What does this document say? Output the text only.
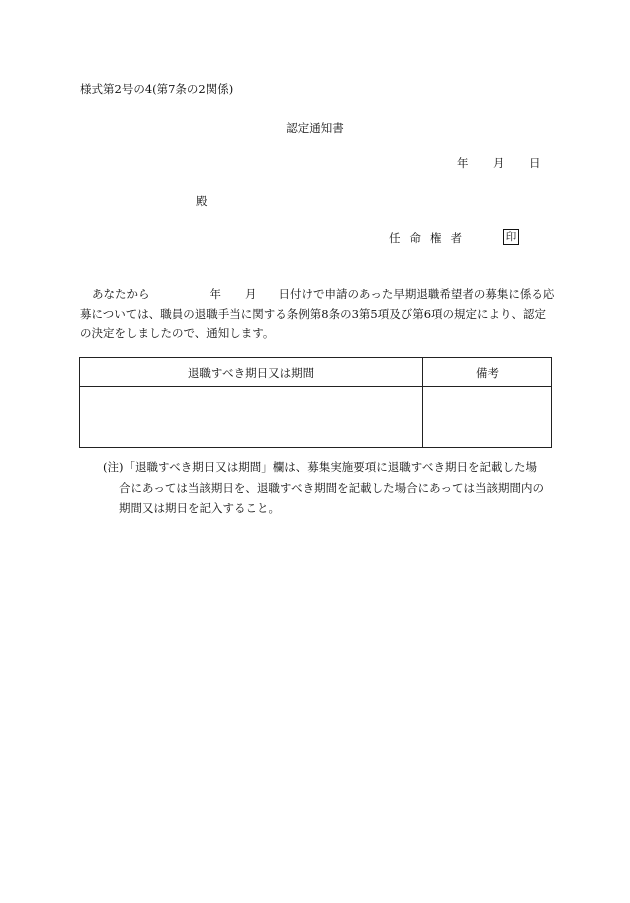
様式第2号の4(第7条の2関係)
認定通知書
年 月 日
殿
任命権者	印
あなたから	年 月 日付けで申請のあった早期退職希望者の募集に係る応
募については、職員の退職手当に関する条例第8条の3第5項及び第6項の規定により、認定
の決定をしましたので、通知します。
退職すべき期日又は期間	備考
(注)「退職すべき期日又は期間」欄は、募集実施要項に退職すべき期日を記載した場
合にあっては当該期日を、退職すべき期間を記載した場合にあっては当該期間内の
期間又は期日を記入すること。
